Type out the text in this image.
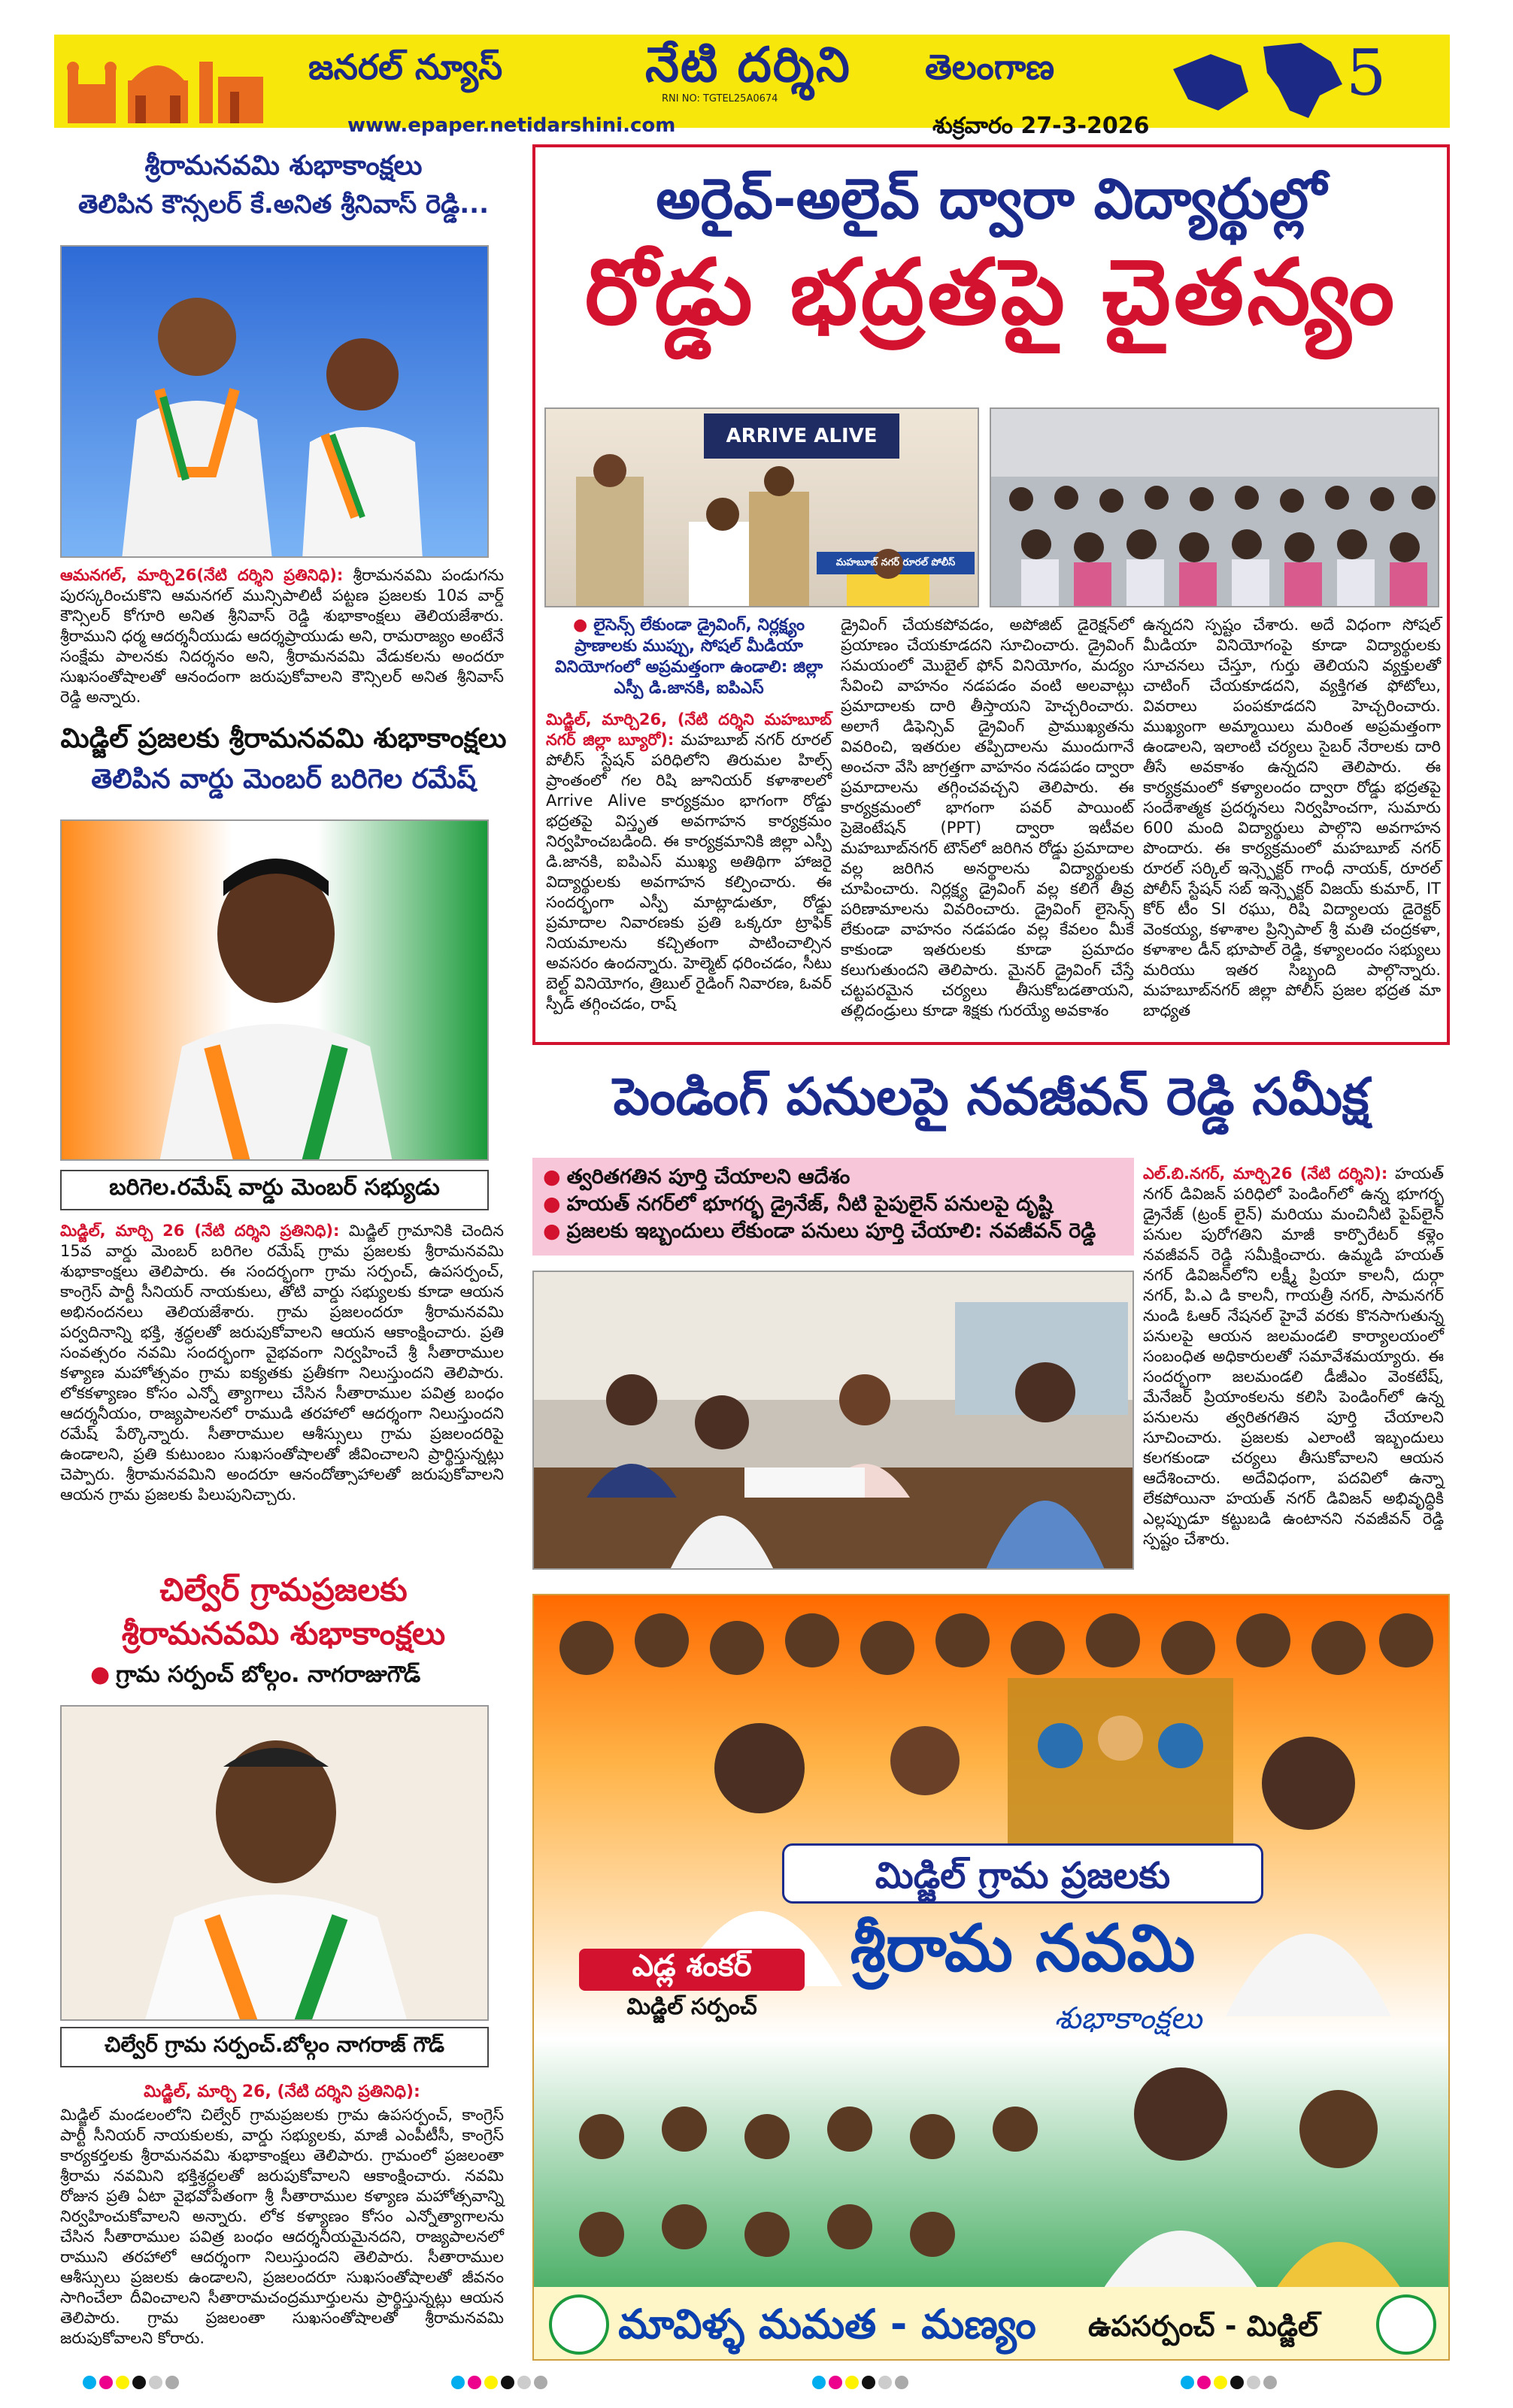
జనరల్ న్యూస్	నేటి దర్శిని
RNI NO: TGTEL25A0674
తెలంగాణ	5
www.epaper.netidarshini.com	శుక్రవారం 27-3-2026
శ్రీరామనవమి శుభాకాంక్షలు
తెలిపిన కౌన్సలర్ కే.అనిత శ్రీనివాస్ రెడ్డి...
ఆమనగల్, మార్చి26(నేటి దర్శిని ప్రతినిధి): శ్రీరామనవమి పండుగను పురస్కరించుకొని ఆమనగల్ మున్సిపాలిటీ పట్టణ ప్రజలకు 10వ వార్డ్ కౌన్సిలర్ కోగూరి అనిత శ్రీనివాస్ రెడ్డి శుభాకాంక్షలు తెలియజేశారు. శ్రీరాముని ధర్మ ఆదర్శనీయుడు ఆదర్శప్రాయుడు అని, రామరాజ్యం అంటేనే సంక్షేమ పాలనకు నిదర్శనం అని, శ్రీరామనవమి వేడుకలను అందరూ సుఖసంతోషాలతో ఆనందంగా జరుపుకోవాలని కౌన్సిలర్ అనిత శ్రీనివాస్ రెడ్డి అన్నారు.
మిడ్జిల్ ప్రజలకు శ్రీరామనవమి శుభాకాంక్షలు
తెలిపిన వార్డు మెంబర్ బరిగెల రమేష్
బరిగెల.రమేష్ వార్డు మెంబర్ సభ్యుడు
మిడ్జిల్, మార్చి 26 (నేటి దర్శిని ప్రతినిధి): మిడ్జిల్ గ్రామానికి చెందిన 15వ వార్డు మెంబర్ బరిగెల రమేష్ గ్రామ ప్రజలకు శ్రీరామనవమి శుభాకాంక్షలు తెలిపారు. ఈ సందర్భంగా గ్రామ సర్పంచ్, ఉపసర్పంచ్, కాంగ్రెస్ పార్టీ సీనియర్ నాయకులు, తోటి వార్డు సభ్యులకు కూడా ఆయన అభినందనలు తెలియజేశారు. గ్రామ ప్రజలందరూ శ్రీరామనవమి పర్వదినాన్ని భక్తి, శ్రద్ధలతో జరుపుకోవాలని ఆయన ఆకాంక్షించారు. ప్రతి సంవత్సరం నవమి సందర్భంగా వైభవంగా నిర్వహించే శ్రీ సీతారాముల కళ్యాణ మహోత్సవం గ్రామ ఐక్యతకు ప్రతీకగా నిలుస్తుందని తెలిపారు. లోకకళ్యాణం కోసం ఎన్నో త్యాగాలు చేసిన సీతారాముల పవిత్ర బంధం ఆదర్శనీయం, రాజ్యపాలనలో రాముడి తరహాలో ఆదర్శంగా నిలుస్తుందని రమేష్ పేర్కొన్నారు. సీతారాముల ఆశీస్సులు గ్రామ ప్రజలందరిపై ఉండాలని, ప్రతి కుటుంబం సుఖసంతోషాలతో జీవించాలని ప్రార్థిస్తున్నట్లు చెప్పారు. శ్రీరామనవమిని అందరూ ఆనందోత్సాహాలతో జరుపుకోవాలని ఆయన గ్రామ ప్రజలకు పిలుపునిచ్చారు.
చిల్వేర్ గ్రామప్రజలకు
శ్రీరామనవమి శుభాకాంక్షలు
● గ్రామ సర్పంచ్ బోల్గం. నాగరాజుగౌడ్
చిల్వేర్ గ్రామ సర్పంచ్.బోల్గం నాగరాజ్ గౌడ్
మిడ్జిల్, మార్చి 26, (నేటి దర్శిని ప్రతినిధి):
మిడ్జిల్ మండలంలోని చిల్వేర్ గ్రామప్రజలకు గ్రామ ఉపసర్పంచ్, కాంగ్రెస్ పార్టీ సీనియర్ నాయకులకు, వార్డు సభ్యులకు, మాజీ ఎంపీటీసీ, కాంగ్రెస్ కార్యకర్తలకు శ్రీరామనవమి శుభాకాంక్షలు తెలిపారు. గ్రామంలో ప్రజలంతా శ్రీరామ నవమిని భక్తిశ్రద్ధలతో జరుపుకోవాలని ఆకాంక్షించారు. నవమి రోజున ప్రతి ఏటా వైభవోపేతంగా శ్రీ సీతారాముల కళ్యాణ మహోత్సవాన్ని నిర్వహించుకోవాలని అన్నారు. లోక కళ్యాణం కోసం ఎన్నోత్యాగాలను చేసిన సీతారాముల పవిత్ర బంధం ఆదర్శనీయమైనదని, రాజ్యపాలనలో రాముని తరహాలో ఆదర్శంగా నిలుస్తుందని తెలిపారు. సీతారాముల ఆశీస్సులు ప్రజలకు ఉండాలని, ప్రజలందరూ సుఖసంతోషాలతో జీవనం సాగించేలా దీవించాలని సీతారామచంద్రమూర్తులను ప్రార్థిస్తున్నట్లు ఆయన తెలిపారు. గ్రామ ప్రజలంతా సుఖసంతోషాలతో శ్రీరామనవమి జరుపుకోవాలని కోరారు.
అరైవ్-అలైవ్ ద్వారా విద్యార్థుల్లో
రోడ్డు భద్రతపై చైతన్యం
ARRIVE ALIVE
మహబూబ్ నగర్ రూరల్ పోలీస్
● లైసెన్స్ లేకుండా డ్రైవింగ్, నిర్లక్ష్యం ప్రాణాలకు ముప్పు, సోషల్ మీడియా వినియోగంలో అప్రమత్తంగా ఉండాలి: జిల్లా ఎస్పీ డి.జానకి, ఐపిఎస్
మిడ్జిల్, మార్చి26, (నేటి దర్శిని మహబూబ్ నగర్ జిల్లా బ్యూరో): మహబూబ్ నగర్ రూరల్ పోలీస్ స్టేషన్ పరిధిలోని తిరుమల హిల్స్ ప్రాంతంలో గల రిషి జూనియర్ కళాశాలలో Arrive Alive కార్యక్రమం భాగంగా రోడ్డు భద్రతపై విస్తృత అవగాహన కార్యక్రమం నిర్వహించబడింది. ఈ కార్యక్రమానికి జిల్లా ఎస్పీ డి.జానకి, ఐపిఎస్ ముఖ్య అతిథిగా హాజరై విద్యార్థులకు అవగాహన కల్పించారు. ఈ సందర్భంగా ఎస్పీ మాట్లాడుతూ, రోడ్డు ప్రమాదాల నివారణకు ప్రతి ఒక్కరూ ట్రాఫిక్ నియమాలను కచ్చితంగా పాటించాల్సిన అవసరం ఉందన్నారు. హెల్మెట్ ధరించడం, సీటు బెల్ట్ వినియోగం, త్రిబుల్ రైడింగ్ నివారణ, ఓవర్ స్పీడ్ తగ్గించడం, రాష్
డ్రైవింగ్ చేయకపోవడం, అపోజిట్ డైరెక్షన్‌లో ప్రయాణం చేయకూడదని సూచించారు. డ్రైవింగ్ సమయంలో మొబైల్ ఫోన్ వినియోగం, మద్యం సేవించి వాహనం నడపడం వంటి అలవాట్లు ప్రమాదాలకు దారి తీస్తాయని హెచ్చరించారు. అలాగే డిఫెన్సివ్ డ్రైవింగ్ ప్రాముఖ్యతను వివరించి, ఇతరుల తప్పిదాలను ముందుగానే అంచనా వేసి జాగ్రత్తగా వాహనం నడపడం ద్వారా ప్రమాదాలను తగ్గించవచ్చని తెలిపారు. ఈ కార్యక్రమంలో భాగంగా పవర్ పాయింట్ ప్రెజెంటేషన్ (PPT) ద్వారా ఇటీవల మహబూబ్‌నగర్ టౌన్‌లో జరిగిన రోడ్డు ప్రమాదాల వల్ల జరిగిన అనర్థాలను విద్యార్థులకు చూపించారు. నిర్లక్ష్య డ్రైవింగ్ వల్ల కలిగే తీవ్ర పరిణామాలను వివరించారు. డ్రైవింగ్ లైసెన్స్ లేకుండా వాహనం నడపడం వల్ల కేవలం మీకే కాకుండా ఇతరులకు కూడా ప్రమాదం కలుగుతుందని తెలిపారు. మైనర్ డ్రైవింగ్ చేస్తే చట్టపరమైన చర్యలు తీసుకోబడతాయని, తల్లిదండ్రులు కూడా శిక్షకు గురయ్యే అవకాశం
ఉన్నదని స్పష్టం చేశారు. అదే విధంగా సోషల్ మీడియా వినియోగంపై కూడా విద్యార్థులకు సూచనలు చేస్తూ, గుర్తు తెలియని వ్యక్తులతో చాటింగ్ చేయకూడదని, వ్యక్తిగత ఫోటోలు, వివరాలు పంపకూడదని హెచ్చరించారు. ముఖ్యంగా అమ్మాయిలు మరింత అప్రమత్తంగా ఉండాలని, ఇలాంటి చర్యలు సైబర్ నేరాలకు దారి తీసే అవకాశం ఉన్నదని తెలిపారు. ఈ కార్యక్రమంలో కళ్యాలందం ద్వారా రోడ్డు భద్రతపై సందేశాత్మక ప్రదర్శనలు నిర్వహించగా, సుమారు 600 మంది విద్యార్థులు పాల్గొని అవగాహన పొందారు. ఈ కార్యక్రమంలో మహబూబ్ నగర్ రూరల్ సర్కిల్ ఇన్స్పెక్టర్ గాంధీ నాయక్, రూరల్ పోలీస్ స్టేషన్ సబ్ ఇన్స్పెక్టర్ విజయ్ కుమార్, IT కోర్ టీం SI రఘు, రిషి విద్యాలయ డైరెక్టర్ వెంకయ్య, కళాశాల ప్రిన్సిపాల్ శ్రీ మతి చంద్రకళా, కళాశాల డీన్ భూపాల్ రెడ్డి, కళ్యాలందం సభ్యులు మరియు ఇతర సిబ్బంది పాల్గొన్నారు. మహబూబ్‌నగర్ జిల్లా పోలీస్ ప్రజల భద్రత మా బాధ్యత
పెండింగ్ పనులపై నవజీవన్ రెడ్డి సమీక్ష
● త్వరితగతిన పూర్తి చేయాలని ఆదేశం
● హయత్ నగర్‌లో భూగర్భ డ్రైనేజ్, నీటి పైపులైన్ పనులపై దృష్టి
● ప్రజలకు ఇబ్బందులు లేకుండా పనులు పూర్తి చేయాలి: నవజీవన్ రెడ్డి
ఎల్.బి.నగర్, మార్చి26 (నేటి దర్శిని): హయత్ నగర్ డివిజన్ పరిధిలో పెండింగ్‌లో ఉన్న భూగర్భ డ్రైనేజ్ (ట్రంక్ లైన్) మరియు మంచినీటి పైప్‌లైన్ పనుల పురోగతిని మాజీ కార్పొరేటర్ కళ్లెం నవజీవన్ రెడ్డి సమీక్షించారు. ఉమ్మడి హయత్ నగర్ డివిజన్‌లోని లక్ష్మీ ప్రియా కాలనీ, దుర్గా నగర్, పి.ఎ డి కాలనీ, గాయత్రీ నగర్, సామనగర్ నుండి ఓఆర్ నేషనల్ హైవే వరకు కొనసాగుతున్న పనులపై ఆయన జలమండలి కార్యాలయంలో సంబంధిత అధికారులతో సమావేశమయ్యారు. ఈ సందర్భంగా జలమండలి డీజీఎం వెంకటేష్, మేనేజర్ ప్రియాంకలను కలిసి పెండింగ్‌లో ఉన్న పనులను త్వరితగతిన పూర్తి చేయాలని సూచించారు. ప్రజలకు ఎలాంటి ఇబ్బందులు కలగకుండా చర్యలు తీసుకోవాలని ఆయన ఆదేశించారు. అదేవిధంగా, పదవిలో ఉన్నా లేకపోయినా హయత్ నగర్ డివిజన్ అభివృద్ధికి ఎల్లప్పుడూ కట్టుబడి ఉంటానని నవజీవన్ రెడ్డి స్పష్టం చేశారు.
మిడ్జిల్ గ్రామ ప్రజలకు
శ్రీరామ నవమి
శుభాకాంక్షలు
ఎడ్ల శంకర్
మిడ్జిల్ సర్పంచ్
మావిళ్ళ మమత - మణ్యం	ఉపసర్పంచ్ - మిడ్జిల్
